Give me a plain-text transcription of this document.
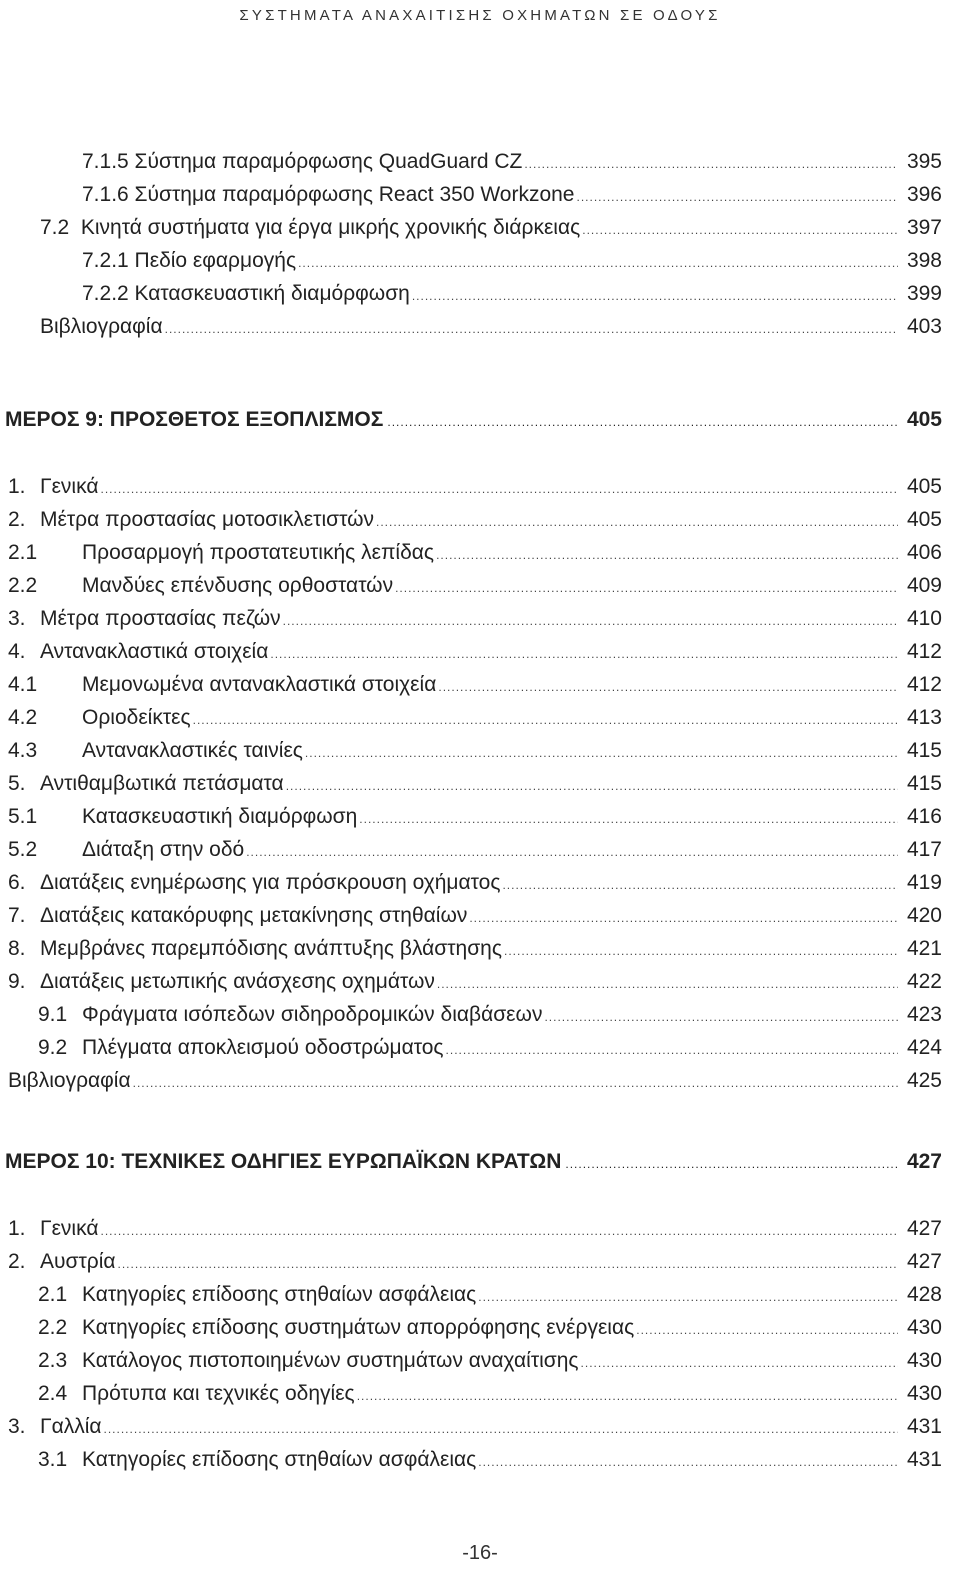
ΣΥΣΤΗΜΑΤΑ ΑΝΑΧΑΙΤΙΣΗΣ ΟΧΗΜΑΤΩΝ ΣΕ ΟΔΟΥΣ
7.1.5 Σύστημα παραμόρφωσης QuadGuard CZ .....	395
7.1.6 Σύστημα παραμόρφωσης React 350 Workzone .....	396
7.2  Κινητά συστήματα για έργα μικρής χρονικής διάρκειας .....	397
7.2.1 Πεδίο εφαρμογής .....	398
7.2.2 Κατασκευαστική διαμόρφωση .....	399
Βιβλιογραφία .....	403
ΜΕΡΟΣ 9: ΠΡΟΣΘΕΤΟΣ ΕΞΟΠΛΙΣΜΟΣ .....	405
1. Γενικά .....	405
2. Μέτρα προστασίας μοτοσικλετιστών .....	405
2.1	Προσαρμογή προστατευτικής λεπίδας .....	406
2.2	Μανδύες επένδυσης ορθοστατών .....	409
3. Μέτρα προστασίας πεζών .....	410
4. Αντανακλαστικά στοιχεία .....	412
4.1	Μεμονωμένα αντανακλαστικά στοιχεία .....	412
4.2	Οριοδείκτες .....	413
4.3	Αντανακλαστικές ταινίες .....	415
5. Αντιθαμβωτικά πετάσματα .....	415
5.1	Κατασκευαστική διαμόρφωση .....	416
5.2	Διάταξη στην οδό .....	417
6. Διατάξεις ενημέρωσης για πρόσκρουση οχήματος .....	419
7. Διατάξεις κατακόρυφης μετακίνησης στηθαίων .....	420
8. Μεμβράνες παρεμπόδισης ανάπτυξης βλάστησης .....	421
9. Διατάξεις μετωπικής ανάσχεσης οχημάτων .....	422
9.1 Φράγματα ισόπεδων σιδηροδρομικών διαβάσεων .....	423
9.2 Πλέγματα αποκλεισμού οδοστρώματος .....	424
Βιβλιογραφία .....	425
ΜΕΡΟΣ 10: ΤΕΧΝΙΚΕΣ ΟΔΗΓΙΕΣ ΕΥΡΩΠΑΪΚΩΝ ΚΡΑΤΩΝ .....	427
1. Γενικά .....	427
2. Αυστρία .....	427
2.1 Κατηγορίες επίδοσης στηθαίων ασφάλειας .....	428
2.2 Κατηγορίες επίδοσης συστημάτων απορρόφησης ενέργειας .....	430
2.3 Κατάλογος πιστοποιημένων συστημάτων αναχαίτισης .....	430
2.4 Πρότυπα και τεχνικές οδηγίες .....	430
3. Γαλλία .....	431
3.1 Κατηγορίες επίδοσης στηθαίων ασφάλειας .....	431
-16-
